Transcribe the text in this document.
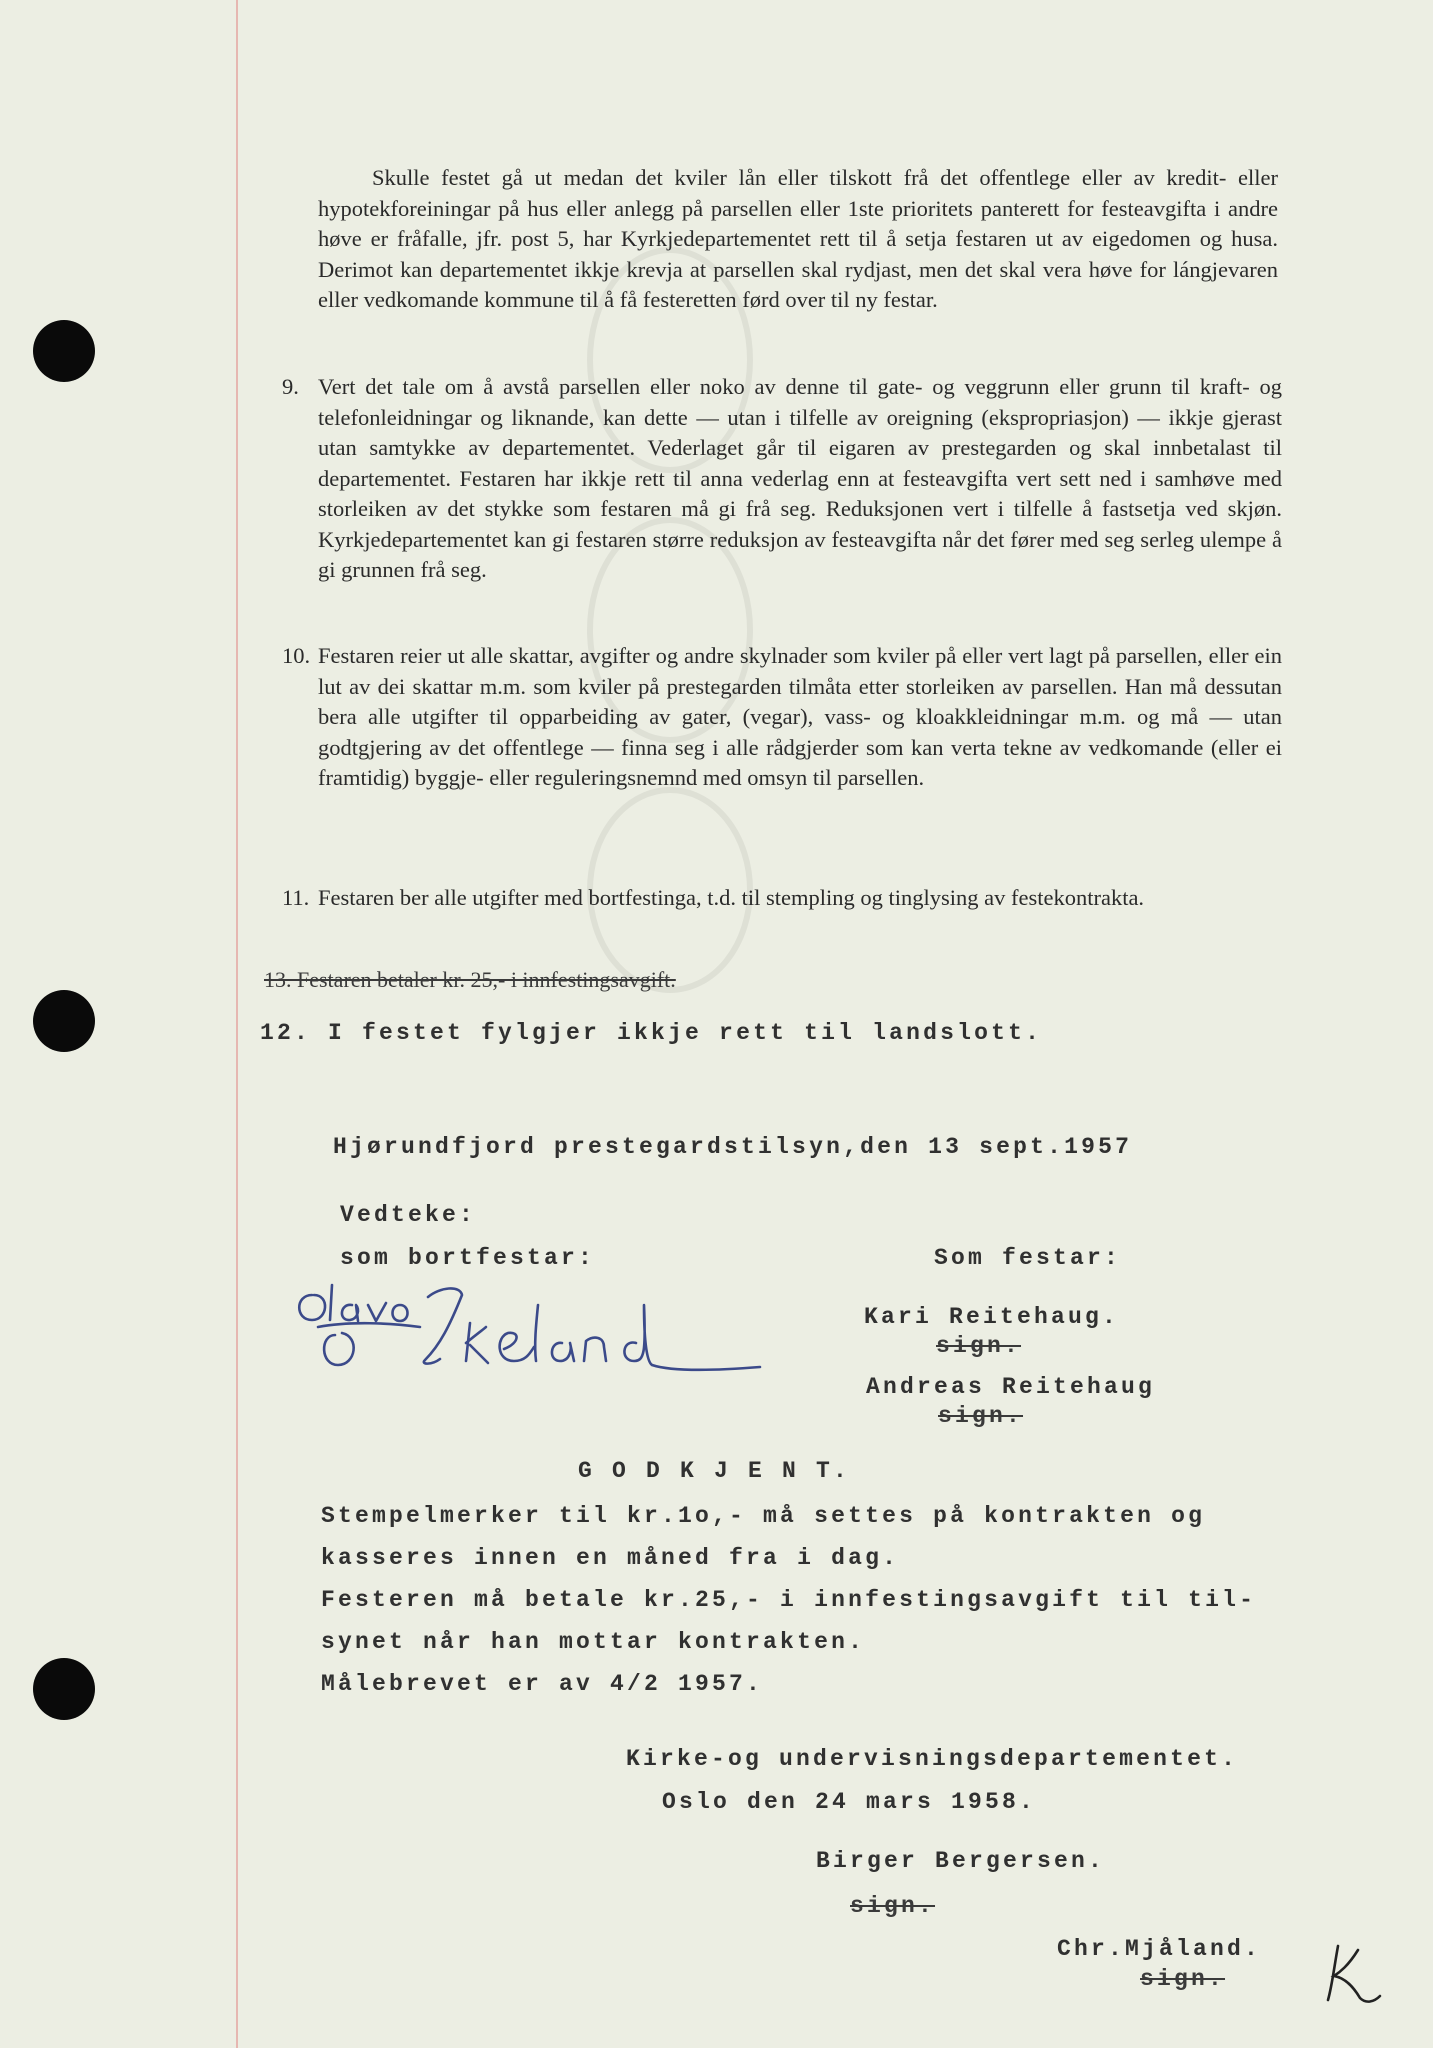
Skulle festet gå ut medan det kviler lån eller tilskott frå det offentlege eller av kredit- eller hypotekforeiningar på hus eller anlegg på parsellen eller 1ste prioritets panterett for festeavgifta i andre høve er fråfalle, jfr. post 5, har Kyrkjedepartementet rett til å setja festaren ut av eigedomen og husa. Derimot kan departementet ikkje krevja at parsellen skal rydjast, men det skal vera høve for lángjevaren eller vedkomande kommune til å få festeretten førd over til ny festar.

9. Vert det tale om å avstå parsellen eller noko av denne til gate- og veggrunn eller grunn til kraft- og telefonleidningar og liknande, kan dette — utan i tilfelle av oreigning (ekspropriasjon) — ikkje gjerast utan samtykke av departementet. Vederlaget går til eigaren av prestegarden og skal innbetalast til departementet. Festaren har ikkje rett til anna vederlag enn at festeavgifta vert sett ned i samhøve med storleiken av det stykke som festaren må gi frå seg. Reduksjonen vert i tilfelle å fastsetja ved skjøn. Kyrkjedepartementet kan gi festaren større reduksjon av festeavgifta når det fører med seg serleg ulempe å gi grunnen frå seg.
10. Festaren reier ut alle skattar, avgifter og andre skylnader som kviler på eller vert lagt på parsellen, eller ein lut av dei skattar m.m. som kviler på prestegarden tilmåta etter storleiken av parsellen. Han må dessutan bera alle utgifter til opparbeiding av gater, (vegar), vass- og kloakkleidningar m.m. og må — utan godtgjering av det offentlege — finna seg i alle rådgjerder som kan verta tekne av vedkomande (eller ei framtidig) byggje- eller reguleringsnemnd med omsyn til parsellen.
11. Festaren ber alle utgifter med bortfestinga, t.d. til stempling og tinglysing av festekontrakta.
13. Festaren betaler kr. 25,- i innfestingsavgift.
12. I festet fylgjer ikkje rett til landslott.
Hjørundfjord prestegardstilsyn,den 13 sept.1957
Vedteke:
som bortfestar:	Som festar:
Kari Reitehaug.
sign.
Andreas Reitehaug
sign.
G O D K J E N T.
Stempelmerker til kr.1o,- må settes på kontrakten og
kasseres innen en måned fra i dag.
Festeren må betale kr.25,- i innfestingsavgift til til-
synet når han mottar kontrakten.
Målebrevet er av 4/2 1957.
Kirke-og undervisningsdepartementet.
Oslo den 24 mars 1958.
Birger Bergersen.
sign.
Chr.Mjåland.
sign.
